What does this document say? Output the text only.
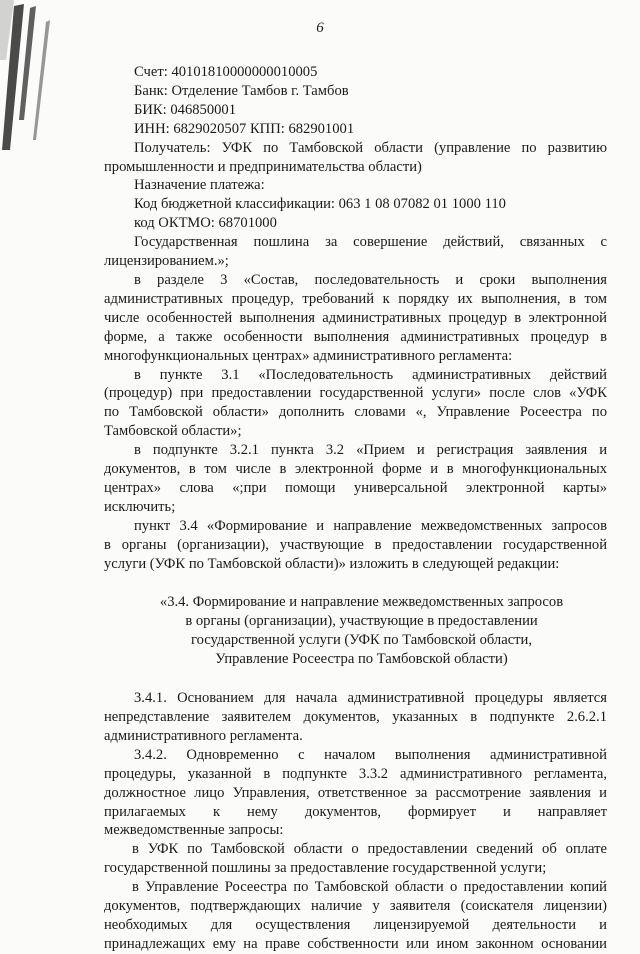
6
Счет: 40101810000000010005
Банк: Отделение Тамбов г. Тамбов
БИК: 046850001
ИНН: 6829020507 КПП: 682901001
Получатель: УФК по Тамбовской области (управление по развитию
промышленности и предпринимательства области)
Назначение платежа:
Код бюджетной классификации: 063 1 08 07082 01 1000 110
код ОКТМО: 68701000
Государственная пошлина за совершение действий, связанных с
лицензированием.»;
в разделе 3 «Состав, последовательность и сроки выполнения
административных процедур, требований к порядку их выполнения, в том
числе особенностей выполнения административных процедур в электронной
форме, а также особенности выполнения административных процедур в
многофункциональных центрах» административного регламента:
в пункте 3.1 «Последовательность административных действий
(процедур) при предоставлении государственной услуги» после слов «УФК
по Тамбовской области» дополнить словами «, Управление Росеестра по
Тамбовской области»;
в подпункте 3.2.1 пункта 3.2 «Прием и регистрация заявления и
документов, в том числе в электронной форме и в многофункциональных
центрах» слова «;при помощи универсальной электронной карты»
исключить;
пункт 3.4 «Формирование и направление межведомственных запросов
в органы (организации), участвующие в предоставлении государственной
услуги (УФК по Тамбовской области)» изложить в следующей редакции:
«3.4. Формирование и направление межведомственных запросов
в органы (организации), участвующие в предоставлении
государственной услуги (УФК по Тамбовской области,
Управление Росеестра по Тамбовской области)
3.4.1. Основанием для начала административной процедуры является
непредставление заявителем документов, указанных в подпункте 2.6.2.1
административного регламента.
3.4.2. Одновременно с началом выполнения административной
процедуры, указанной в подпункте 3.3.2 административного регламента,
должностное лицо Управления, ответственное за рассмотрение заявления и
прилагаемых к нему документов, формирует и направляет
межведомственные запросы:
в УФК по Тамбовской области о предоставлении сведений об оплате
государственной пошлины за предоставление государственной услуги;
в Управление Росеестра по Тамбовской области о предоставлении копий
документов, подтверждающих наличие у заявителя (соискателя лицензии)
необходимых для осуществления лицензируемой деятельности и
принадлежащих ему на праве собственности или ином законном основании
